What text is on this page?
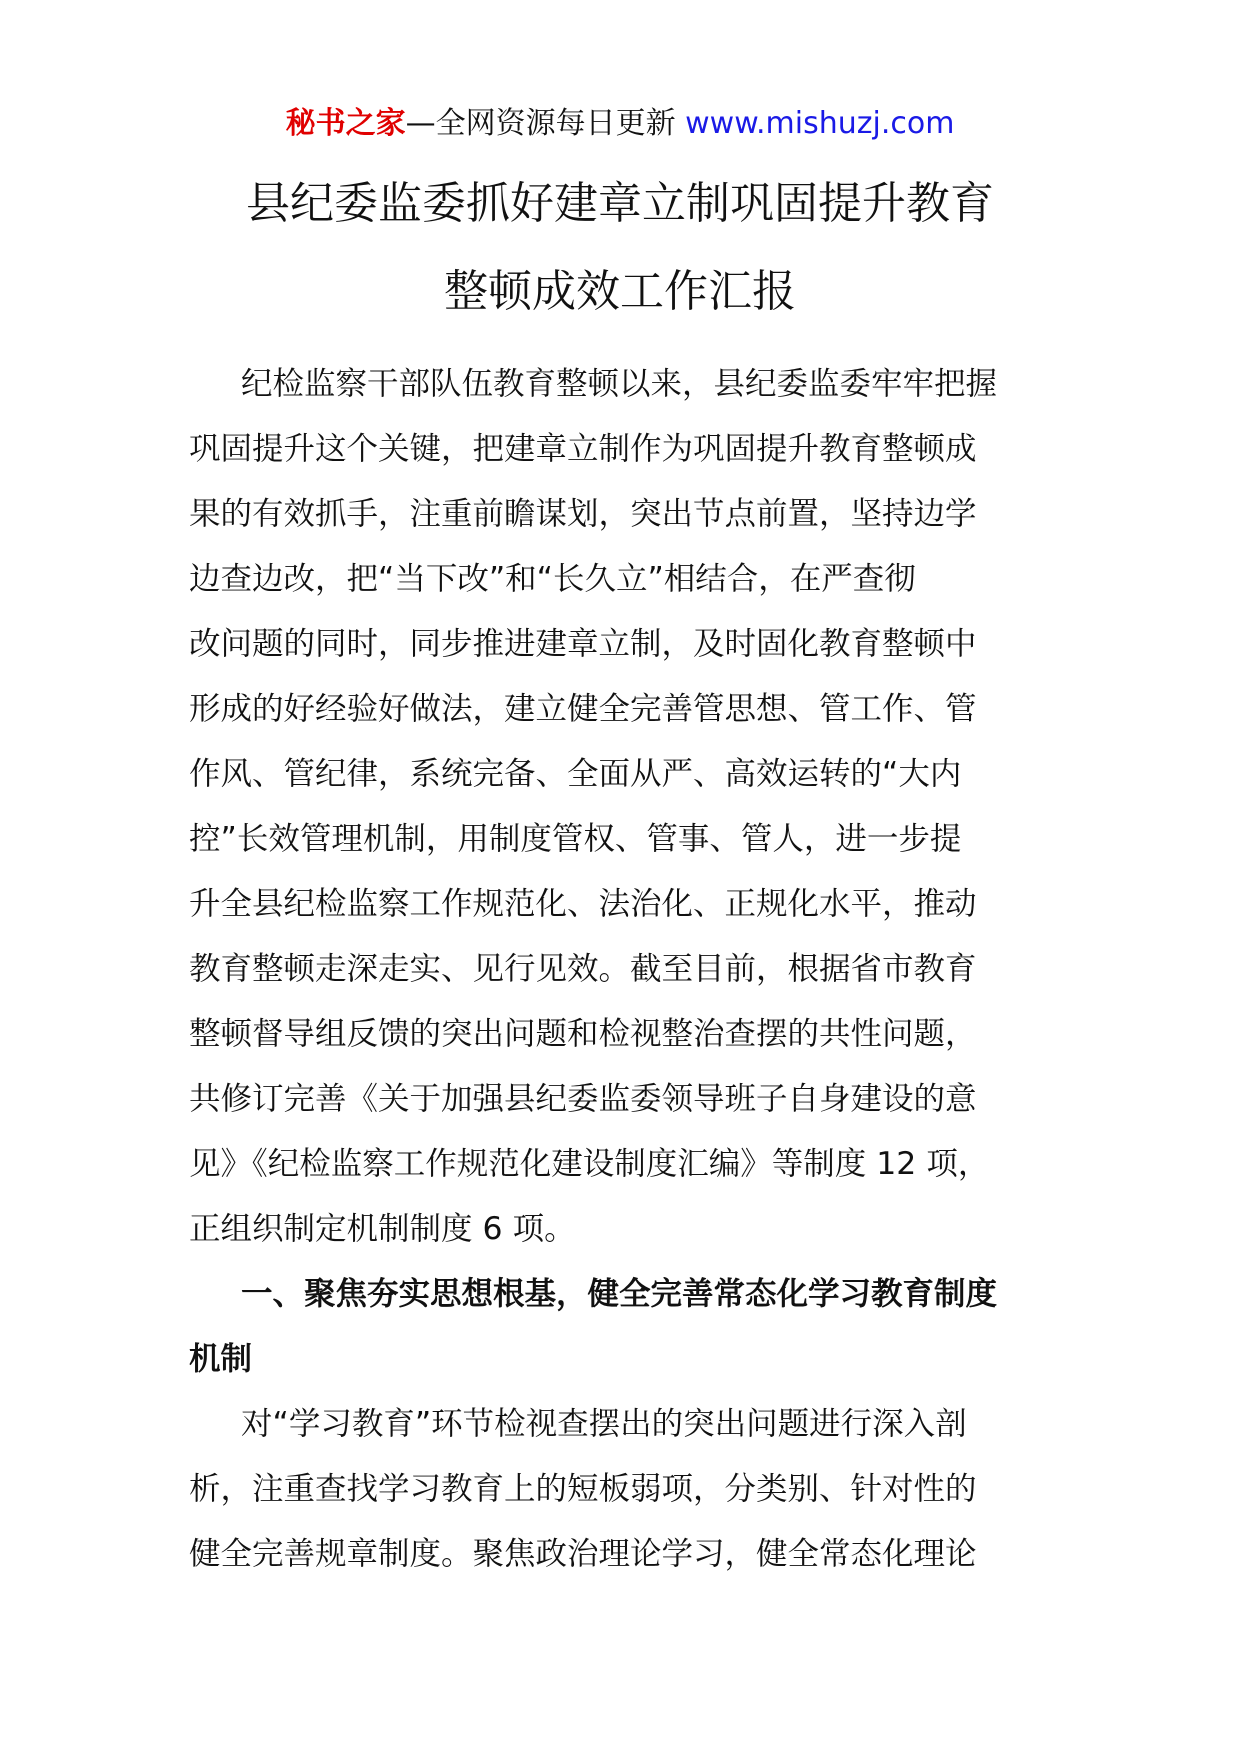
秘书之家—全网资源每日更新 www.mishuzj.com
县纪委监委抓好建章立制巩固提升教育
整顿成效工作汇报
纪检监察干部队伍教育整顿以来，县纪委监委牢牢把握
巩固提升这个关键，把建章立制作为巩固提升教育整顿成
果的有效抓手，注重前瞻谋划，突出节点前置，坚持边学
边查边改，把“当下改”和“长久立”相结合，在严查彻
改问题的同时，同步推进建章立制，及时固化教育整顿中
形成的好经验好做法，建立健全完善管思想、管工作、管
作风、管纪律，系统完备、全面从严、高效运转的“大内
控”长效管理机制，用制度管权、管事、管人，进一步提
升全县纪检监察工作规范化、法治化、正规化水平，推动
教育整顿走深走实、见行见效。截至目前，根据省市教育
整顿督导组反馈的突出问题和检视整治查摆的共性问题，
共修订完善《关于加强县纪委监委领导班子自身建设的意
见》《纪检监察工作规范化建设制度汇编》等制度 12 项，
正组织制定机制制度 6 项。
一、聚焦夯实思想根基，健全完善常态化学习教育制度
机制
对“学习教育”环节检视查摆出的突出问题进行深入剖
析，注重查找学习教育上的短板弱项，分类别、针对性的
健全完善规章制度。聚焦政治理论学习，健全常态化理论
